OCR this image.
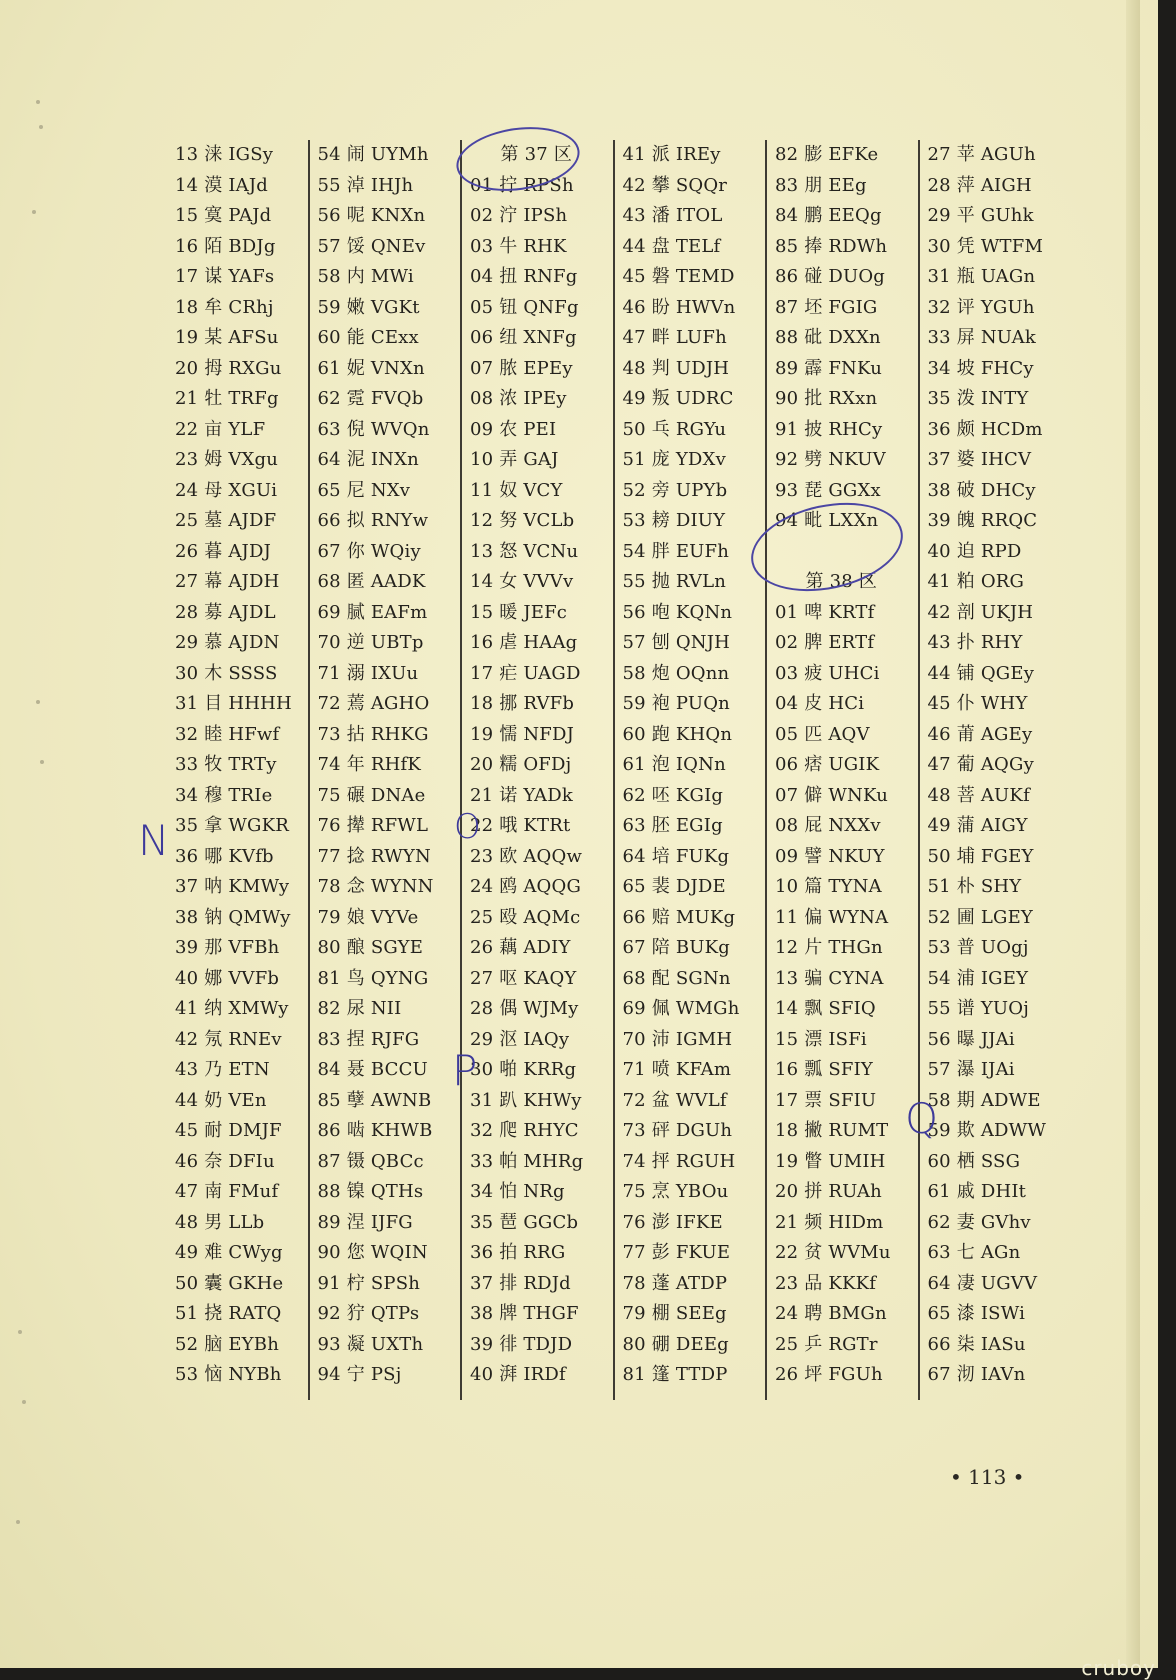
13 涞 IGSy
14 漠 IAJd
15 寞 PAJd
16 陌 BDJg
17 谋 YAFs
18 牟 CRhj
19 某 AFSu
20 拇 RXGu
21 牡 TRFg
22 亩 YLF
23 姆 VXgu
24 母 XGUi
25 墓 AJDF
26 暮 AJDJ
27 幕 AJDH
28 募 AJDL
29 慕 AJDN
30 木 SSSS
31 目 HHHH
32 睦 HFwf
33 牧 TRTy
34 穆 TRIe
35 拿 WGKR
36 哪 KVfb
37 呐 KMWy
38 钠 QMWy
39 那 VFBh
40 娜 VVFb
41 纳 XMWy
42 氖 RNEv
43 乃 ETN
44 奶 VEn
45 耐 DMJF
46 奈 DFIu
47 南 FMuf
48 男 LLb
49 难 CWyg
50 囊 GKHe
51 挠 RATQ
52 脑 EYBh
53 恼 NYBh
54 闹 UYMh
55 淖 IHJh
56 呢 KNXn
57 馁 QNEv
58 内 MWi
59 嫩 VGKt
60 能 CExx
61 妮 VNXn
62 霓 FVQb
63 倪 WVQn
64 泥 INXn
65 尼 NXv
66 拟 RNYw
67 你 WQiy
68 匿 AADK
69 腻 EAFm
70 逆 UBTp
71 溺 IXUu
72 蔫 AGHO
73 拈 RHKG
74 年 RHfK
75 碾 DNAe
76 撵 RFWL
77 捻 RWYN
78 念 WYNN
79 娘 VYVe
80 酿 SGYE
81 鸟 QYNG
82 尿 NII
83 捏 RJFG
84 聂 BCCU
85 孽 AWNB
86 啮 KHWB
87 镊 QBCc
88 镍 QTHs
89 涅 IJFG
90 您 WQIN
91 柠 SPSh
92 狞 QTPs
93 凝 UXTh
94 宁 PSj
第 37 区
01 拧 RPSh
02 泞 IPSh
03 牛 RHK
04 扭 RNFg
05 钮 QNFg
06 纽 XNFg
07 脓 EPEy
08 浓 IPEy
09 农 PEI
10 弄 GAJ
11 奴 VCY
12 努 VCLb
13 怒 VCNu
14 女 VVVv
15 暖 JEFc
16 虐 HAAg
17 疟 UAGD
18 挪 RVFb
19 懦 NFDJ
20 糯 OFDj
21 诺 YADk
22 哦 KTRt
23 欧 AQQw
24 鸥 AQQG
25 殴 AQMc
26 藕 ADIY
27 呕 KAQY
28 偶 WJMy
29 沤 IAQy
30 啪 KRRg
31 趴 KHWy
32 爬 RHYC
33 帕 MHRg
34 怕 NRg
35 琶 GGCb
36 拍 RRG
37 排 RDJd
38 牌 THGF
39 徘 TDJD
40 湃 IRDf
41 派 IREy
42 攀 SQQr
43 潘 ITOL
44 盘 TELf
45 磐 TEMD
46 盼 HWVn
47 畔 LUFh
48 判 UDJH
49 叛 UDRC
50 乓 RGYu
51 庞 YDXv
52 旁 UPYb
53 耪 DIUY
54 胖 EUFh
55 抛 RVLn
56 咆 KQNn
57 刨 QNJH
58 炮 OQnn
59 袍 PUQn
60 跑 KHQn
61 泡 IQNn
62 呸 KGIg
63 胚 EGIg
64 培 FUKg
65 裴 DJDE
66 赔 MUKg
67 陪 BUKg
68 配 SGNn
69 佩 WMGh
70 沛 IGMH
71 喷 KFAm
72 盆 WVLf
73 砰 DGUh
74 抨 RGUH
75 烹 YBOu
76 澎 IFKE
77 彭 FKUE
78 蓬 ATDP
79 棚 SEEg
80 硼 DEEg
81 篷 TTDP
82 膨 EFKe
83 朋 EEg
84 鹏 EEQg
85 捧 RDWh
86 碰 DUOg
87 坯 FGIG
88 砒 DXXn
89 霹 FNKu
90 批 RXxn
91 披 RHCy
92 劈 NKUV
93 琵 GGXx
94 毗 LXXn
第 38 区
01 啤 KRTf
02 脾 ERTf
03 疲 UHCi
04 皮 HCi
05 匹 AQV
06 痞 UGIK
07 僻 WNKu
08 屁 NXXv
09 譬 NKUY
10 篇 TYNA
11 偏 WYNA
12 片 THGn
13 骗 CYNA
14 飘 SFIQ
15 漂 ISFi
16 瓢 SFIY
17 票 SFIU
18 撇 RUMT
19 瞥 UMIH
20 拼 RUAh
21 频 HIDm
22 贫 WVMu
23 品 KKKf
24 聘 BMGn
25 乒 RGTr
26 坪 FGUh
27 苹 AGUh
28 萍 AIGH
29 平 GUhk
30 凭 WTFM
31 瓶 UAGn
32 评 YGUh
33 屏 NUAk
34 坡 FHCy
35 泼 INTY
36 颇 HCDm
37 婆 IHCV
38 破 DHCy
39 魄 RRQC
40 迫 RPD
41 粕 ORG
42 剖 UKJH
43 扑 RHY
44 铺 QGEy
45 仆 WHY
46 莆 AGEy
47 葡 AQGy
48 菩 AUKf
49 蒲 AIGY
50 埔 FGEY
51 朴 SHY
52 圃 LGEY
53 普 UOgj
54 浦 IGEY
55 谱 YUOj
56 曝 JJAi
57 瀑 IJAi
58 期 ADWE
59 欺 ADWW
60 栖 SSG
61 戚 DHIt
62 妻 GVhv
63 七 AGn
64 凄 UGVV
65 漆 ISWi
66 柒 IASu
67 沏 IAVn
N	O
P
Q
• 113 •
cruboy
